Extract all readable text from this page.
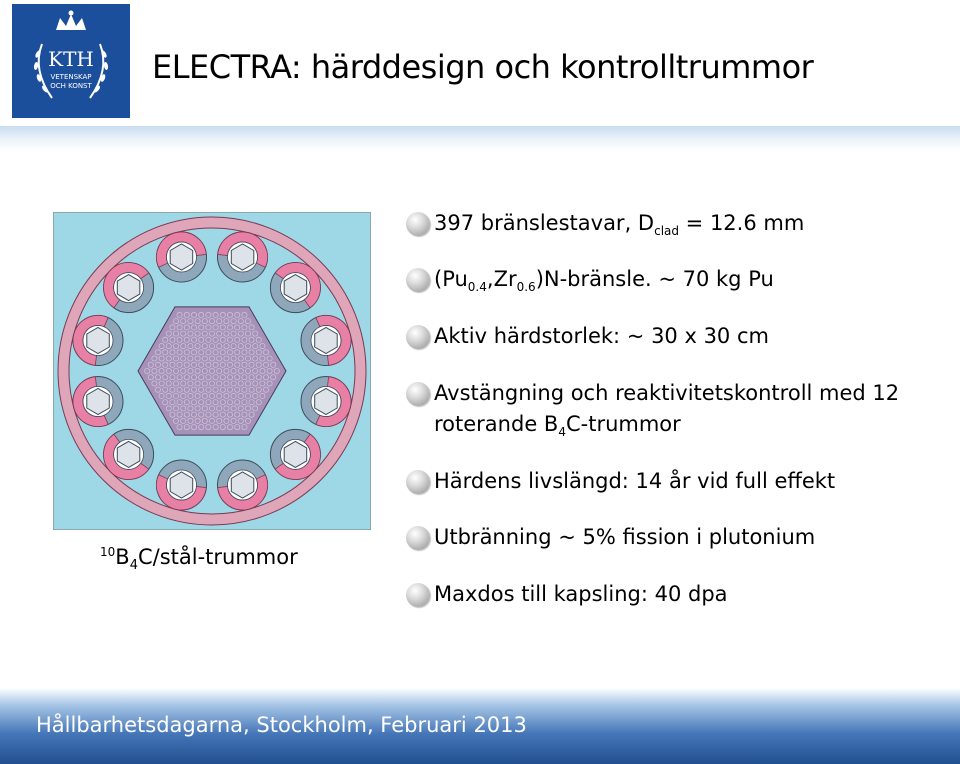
KTH
VETENSKAP
OCH KONST ELECTRA: härddesign och kontrolltrummor
$^{10}B_4C/stål$-trummor
397 bränslestavar, $D_{clad} = 12.6$ mm
$(Pu_{0.4},Zr_{0.6})N$-bränsle. ~ 70 kg Pu
Aktiv härdstorlek: ~ 30 x 30 cm
Avstängning och reaktivitetskontroll med 12
roterande $B_4C$-trummor
Härdens livslängd: 14 år vid full effekt
Utbränning ~ 5% fission i plutonium
Maxdos till kapsling: 40 dpa
Hållbarhetsdagarna, Stockholm, Februari 2013
